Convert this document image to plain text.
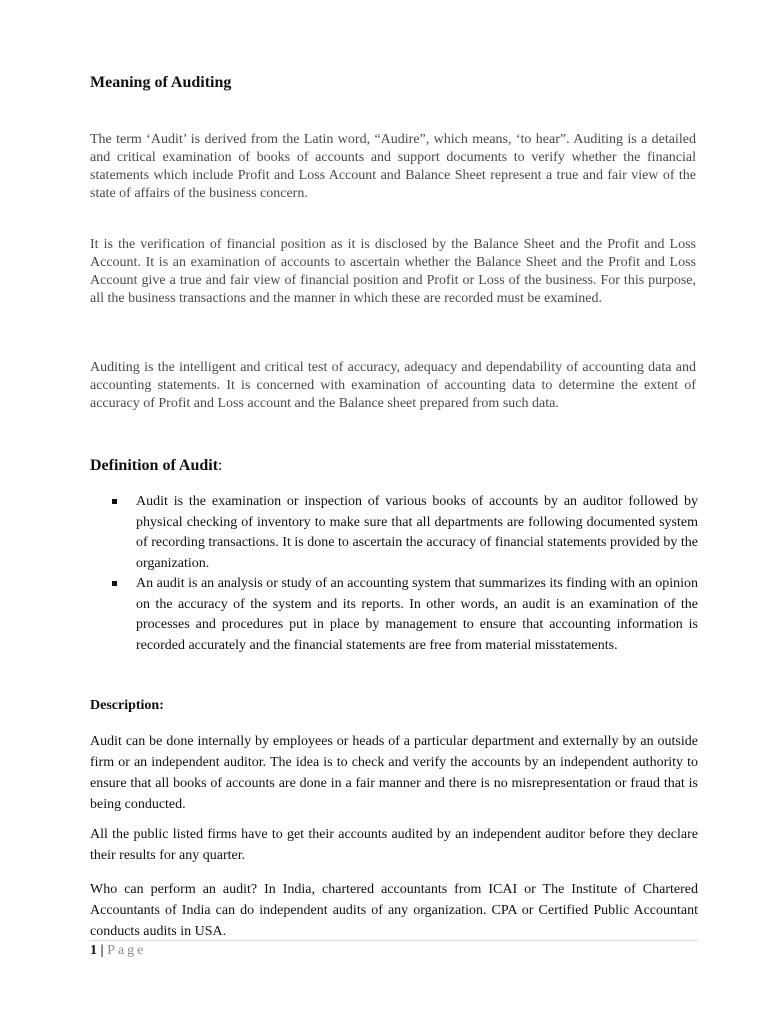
Meaning of Auditing

The term ‘Audit’ is derived from the Latin word, “Audire”, which means, ‘to hear”. Auditing is a detailed and critical examination of books of accounts and support documents to verify whether the financial statements which include Profit and Loss Account and Balance Sheet represent a true and fair view of the state of affairs of the business concern.

It is the verification of financial position as it is disclosed by the Balance Sheet and the Profit and Loss Account. It is an examination of accounts to ascertain whether the Balance Sheet and the Profit and Loss Account give a true and fair view of financial position and Profit or Loss of the business. For this purpose, all the business transactions and the manner in which these are recorded must be examined.

Auditing is the intelligent and critical test of accuracy, adequacy and dependability of accounting data and accounting statements. It is concerned with examination of accounting data to determine the extent of accuracy of Profit and Loss account and the Balance sheet prepared from such data.

Definition of Audit:
Audit is the examination or inspection of various books of accounts by an auditor followed by physical checking of inventory to make sure that all departments are following documented system of recording transactions. It is done to ascertain the accuracy of financial statements provided by the organization.
An audit is an analysis or study of an accounting system that summarizes its finding with an opinion on the accuracy of the system and its reports. In other words, an audit is an examination of the processes and procedures put in place by management to ensure that accounting information is recorded accurately and the financial statements are free from material misstatements.
Description:

Audit can be done internally by employees or heads of a particular department and externally by an outside firm or an independent auditor. The idea is to check and verify the accounts by an independent authority to ensure that all books of accounts are done in a fair manner and there is no misrepresentation or fraud that is being conducted.

All the public listed firms have to get their accounts audited by an independent auditor before they declare their results for any quarter.

Who can perform an audit? In India, chartered accountants from ICAI or The Institute of Chartered Accountants of India can do independent audits of any organization. CPA or Certified Public Accountant conducts audits in USA.

1 | Page
